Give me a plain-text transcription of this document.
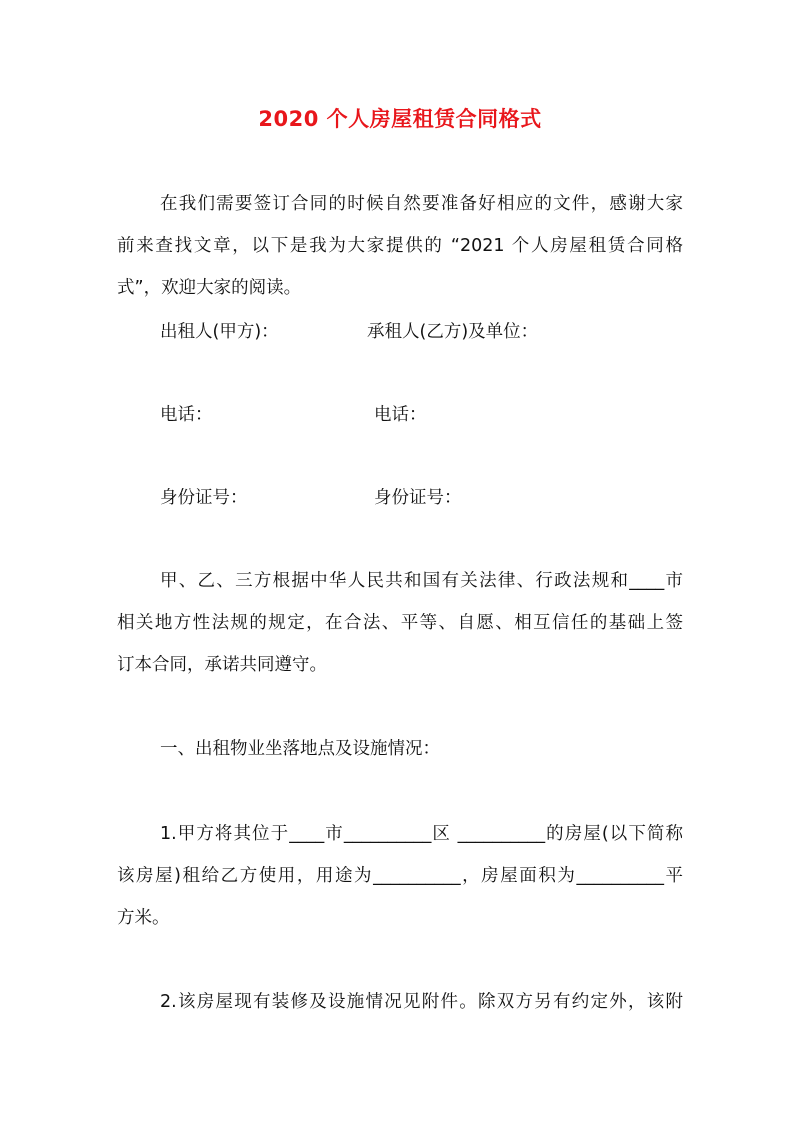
2020 个人房屋租赁合同格式
在我们需要签订合同的时候自然要准备好相应的文件，感谢大家
前来查找文章，以下是我为大家提供的 “2021 个人房屋租赁合同格
式”，欢迎大家的阅读。
出租人(甲方)：	承租人(乙方)及单位：
电话：	电话：
身份证号：	身份证号：
甲、乙、三方根据中华人民共和国有关法律、行政法规和____市
相关地方性法规的规定，在合法、平等、自愿、相互信任的基础上签
订本合同，承诺共同遵守。
一、出租物业坐落地点及设施情况：
1.甲方将其位于____市__________区 __________的房屋(以下简称
该房屋)租给乙方使用，用途为__________，房屋面积为__________平
方米。
2.该房屋现有装修及设施情况见附件。除双方另有约定外，该附
